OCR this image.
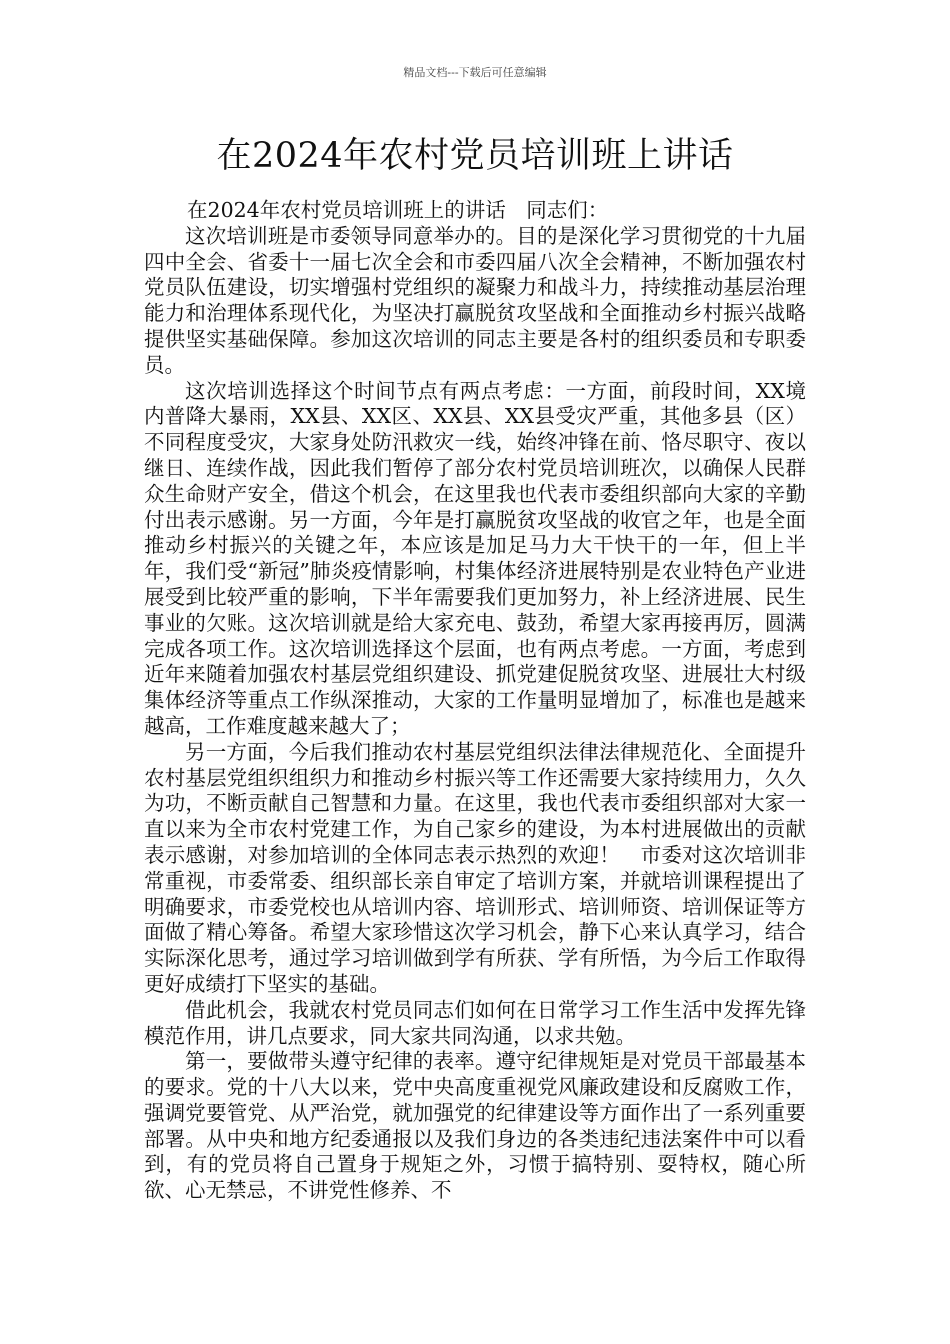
精品文档---下载后可任意编辑
在2024年农村党员培训班上讲话

在2024年农村党员培训班上的讲话　同志们：

这次培训班是市委领导同意举办的。目的是深化学习贯彻党的十九届四中全会、省委十一届七次全会和市委四届八次全会精神，不断加强农村党员队伍建设，切实增强村党组织的凝聚力和战斗力，持续推动基层治理能力和治理体系现代化，为坚决打赢脱贫攻坚战和全面推动乡村振兴战略提供坚实基础保障。参加这次培训的同志主要是各村的组织委员和专职委员。

这次培训选择这个时间节点有两点考虑：一方面，前段时间，XX境内普降大暴雨，XX县、XX区、XX县、XX县受灾严重，其他多县（区）不同程度受灾，大家身处防汛救灾一线，始终冲锋在前、恪尽职守、夜以继日、连续作战，因此我们暂停了部分农村党员培训班次，以确保人民群众生命财产安全，借这个机会，在这里我也代表市委组织部向大家的辛勤付出表示感谢。另一方面，今年是打赢脱贫攻坚战的收官之年，也是全面推动乡村振兴的关键之年，本应该是加足马力大干快干的一年，但上半年，我们受“新冠”肺炎疫情影响，村集体经济进展特别是农业特色产业进展受到比较严重的影响，下半年需要我们更加努力，补上经济进展、民生事业的欠账。这次培训就是给大家充电、鼓劲，希望大家再接再厉，圆满完成各项工作。这次培训选择这个层面，也有两点考虑。一方面，考虑到近年来随着加强农村基层党组织建设、抓党建促脱贫攻坚、进展壮大村级集体经济等重点工作纵深推动，大家的工作量明显增加了，标准也是越来越高，工作难度越来越大了；

另一方面，今后我们推动农村基层党组织法律法律规范化、全面提升农村基层党组织组织力和推动乡村振兴等工作还需要大家持续用力，久久为功，不断贡献自己智慧和力量。在这里，我也代表市委组织部对大家一直以来为全市农村党建工作，为自己家乡的建设，为本村进展做出的贡献表示感谢，对参加培训的全体同志表示热烈的欢迎！　市委对这次培训非常重视，市委常委、组织部长亲自审定了培训方案，并就培训课程提出了明确要求，市委党校也从培训内容、培训形式、培训师资、培训保证等方面做了精心筹备。希望大家珍惜这次学习机会，静下心来认真学习，结合实际深化思考，通过学习培训做到学有所获、学有所悟，为今后工作取得更好成绩打下坚实的基础。

借此机会，我就农村党员同志们如何在日常学习工作生活中发挥先锋模范作用，讲几点要求，同大家共同沟通，以求共勉。

第一，要做带头遵守纪律的表率。遵守纪律规矩是对党员干部最基本的要求。党的十八大以来，党中央高度重视党风廉政建设和反腐败工作，强调党要管党、从严治党，就加强党的纪律建设等方面作出了一系列重要部署。从中央和地方纪委通报以及我们身边的各类违纪违法案件中可以看到，有的党员将自己置身于规矩之外，习惯于搞特别、耍特权，随心所欲、心无禁忌，不讲党性修养、不
